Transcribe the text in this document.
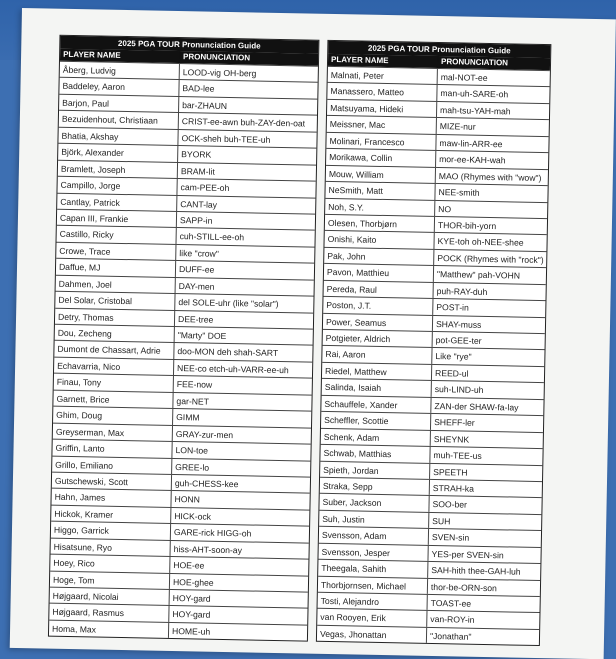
2025 PGA TOUR Pronunciation Guide
PLAYER NAME	PRONUNCIATION
Åberg, Ludvig	LOOD-vig OH-berg
Baddeley, Aaron	BAD-lee
Barjon, Paul	bar-ZHAUN
Bezuidenhout, Christiaan	CRIST-ee-awn buh-ZAY-den-oat
Bhatia, Akshay	OCK-sheh buh-TEE-uh
Björk, Alexander	BYORK
Bramlett, Joseph	BRAM-lit
Campillo, Jorge	cam-PEE-oh
Cantlay, Patrick	CANT-lay
Capan III, Frankie	SAPP-in
Castillo, Ricky	cuh-STILL-ee-oh
Crowe, Trace	like "crow"
Daffue, MJ	DUFF-ee
Dahmen, Joel	DAY-men
Del Solar, Cristobal	del SOLE-uhr (like "solar")
Detry, Thomas	DEE-tree
Dou, Zecheng	"Marty" DOE
Dumont de Chassart, Adrie	doo-MON deh shah-SART
Echavarria, Nico	NEE-co etch-uh-VARR-ee-uh
Finau, Tony	FEE-now
Garnett, Brice	gar-NET
Ghim, Doug	GIMM
Greyserman, Max	GRAY-zur-men
Griffin, Lanto	LON-toe
Grillo, Emiliano	GREE-lo
Gutschewski, Scott	guh-CHESS-kee
Hahn, James	HONN
Hickok, Kramer	HICK-ock
Higgo, Garrick	GARE-rick HIGG-oh
Hisatsune, Ryo	hiss-AHT-soon-ay
Hoey, Rico	HOE-ee
Hoge, Tom	HOE-ghee
Højgaard, Nicolai	HOY-gard
Højgaard, Rasmus	HOY-gard
Homa, Max	HOME-uh
2025 PGA TOUR Pronunciation Guide
PLAYER NAME	PRONUNCIATION
Malnati, Peter	mal-NOT-ee
Manassero, Matteo	man-uh-SARE-oh
Matsuyama, Hideki	mah-tsu-YAH-mah
Meissner, Mac	MIZE-nur
Molinari, Francesco	maw-lin-ARR-ee
Morikawa, Collin	mor-ee-KAH-wah
Mouw, William	MAO (Rhymes with "wow")
NeSmith, Matt	NEE-smith
Noh, S.Y.	NO
Olesen, Thorbjørn	THOR-bih-yorn
Onishi, Kaito	KYE-toh oh-NEE-shee
Pak, John	POCK (Rhymes with "rock")
Pavon, Matthieu	"Matthew" pah-VOHN
Pereda, Raul	puh-RAY-duh
Poston, J.T.	POST-in
Power, Seamus	SHAY-muss
Potgieter, Aldrich	pot-GEE-ter
Rai, Aaron	Like "rye"
Riedel, Matthew	REED-ul
Salinda, Isaiah	suh-LIND-uh
Schauffele, Xander	ZAN-der SHAW-fa-lay
Scheffler, Scottie	SHEFF-ler
Schenk, Adam	SHEYNK
Schwab, Matthias	muh-TEE-us
Spieth, Jordan	SPEETH
Straka, Sepp	STRAH-ka
Suber, Jackson	SOO-ber
Suh, Justin	SUH
Svensson, Adam	SVEN-sin
Svensson, Jesper	YES-per SVEN-sin
Theegala, Sahith	SAH-hith thee-GAH-luh
Thorbjornsen, Michael	thor-be-ORN-son
Tosti, Alejandro	TOAST-ee
van Rooyen, Erik	van-ROY-in
Vegas, Jhonattan	"Jonathan"
